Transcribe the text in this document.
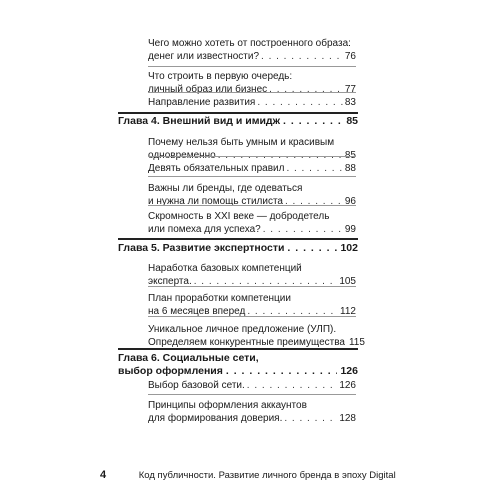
Чего можно хотеть от построенного образа:
денег или известности? . . .	76
Что строить в первую очередь:
личный образ или бизнес . . .	77
Направление развития . . .	83
Глава 4. Внешний вид и имидж . . .	85
Почему нельзя быть умным и красивым
одновременно . . .	85
Девять обязательных правил . . .	88
Важны ли бренды, где одеваться
и нужна ли помощь стилиста . . .	96
Скромность в XXI веке — добродетель
или помеха для успеха? . . .	99
Глава 5. Развитие экспертности . . .	102
Наработка базовых компетенций
эксперта. . . .	105
План проработки компетенции
на 6 месяцев вперед . . .	112
Уникальное личное предложение (УЛП).
Определяем конкурентные преимущества 115
Глава 6. Социальные сети,
выбор оформления . . .	126
Выбор базовой сети. . . .	126
Принципы оформления аккаунтов
для формирования доверия. . . .	128
4	Код публичности. Развитие личного бренда в эпоху Digital
